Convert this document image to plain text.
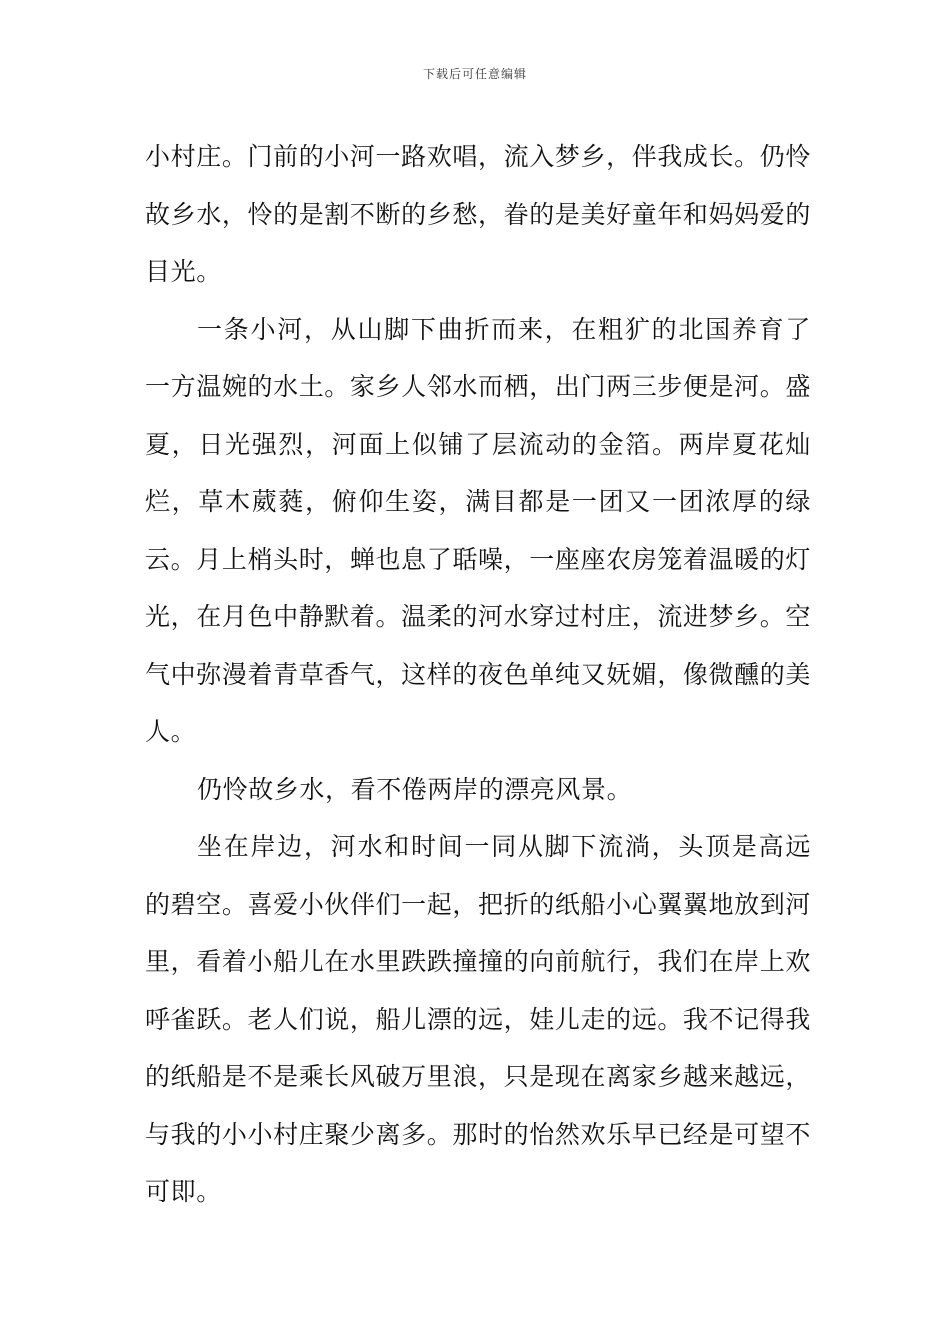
下载后可任意编辑

小村庄。门前的小河一路欢唱，流入梦乡，伴我成长。仍怜故乡水，怜的是割不断的乡愁，眷的是美好童年和妈妈爱的目光。

一条小河，从山脚下曲折而来，在粗犷的北国养育了一方温婉的水土。家乡人邻水而栖，出门两三步便是河。盛夏，日光强烈，河面上似铺了层流动的金箔。两岸夏花灿烂，草木葳蕤，俯仰生姿，满目都是一团又一团浓厚的绿云。月上梢头时，蝉也息了聒噪，一座座农房笼着温暖的灯光，在月色中静默着。温柔的河水穿过村庄，流进梦乡。空气中弥漫着青草香气，这样的夜色单纯又妩媚，像微醺的美人。

仍怜故乡水，看不倦两岸的漂亮风景。

坐在岸边，河水和时间一同从脚下流淌，头顶是高远的碧空。喜爱小伙伴们一起，把折的纸船小心翼翼地放到河里，看着小船儿在水里跌跌撞撞的向前航行，我们在岸上欢呼雀跃。老人们说，船儿漂的远，娃儿走的远。我不记得我的纸船是不是乘长风破万里浪，只是现在离家乡越来越远，与我的小小村庄聚少离多。那时的怡然欢乐早已经是可望不可即。
